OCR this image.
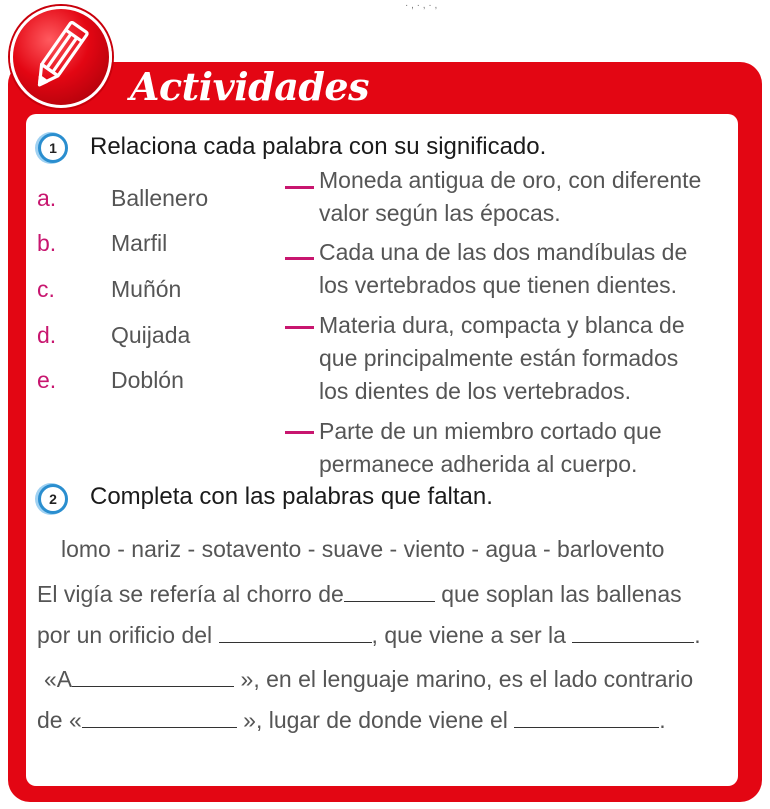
· , · , · ,
Actividades
1	Relaciona cada palabra con su significado.
a. Ballenero
b. Marfil
c. Muñón
d. Quijada
e. Doblón
Moneda antigua de oro, con diferente
valor según las épocas.
Cada una de las dos mandíbulas de
los vertebrados que tienen dientes.
Materia dura, compacta y blanca de
que principalmente están formados
los dientes de los vertebrados.
Parte de un miembro cortado que
permanece adherida al cuerpo.
2	Completa con las palabras que faltan.
lomo - nariz - sotavento - suave - viento - agua - barlovento
El vigía se refería al chorro de	que soplan las ballenas
por un orificio del	, que viene a ser la	.
«A	», en el lenguaje marino, es el lado contrario
de «	», lugar de donde viene el	.
